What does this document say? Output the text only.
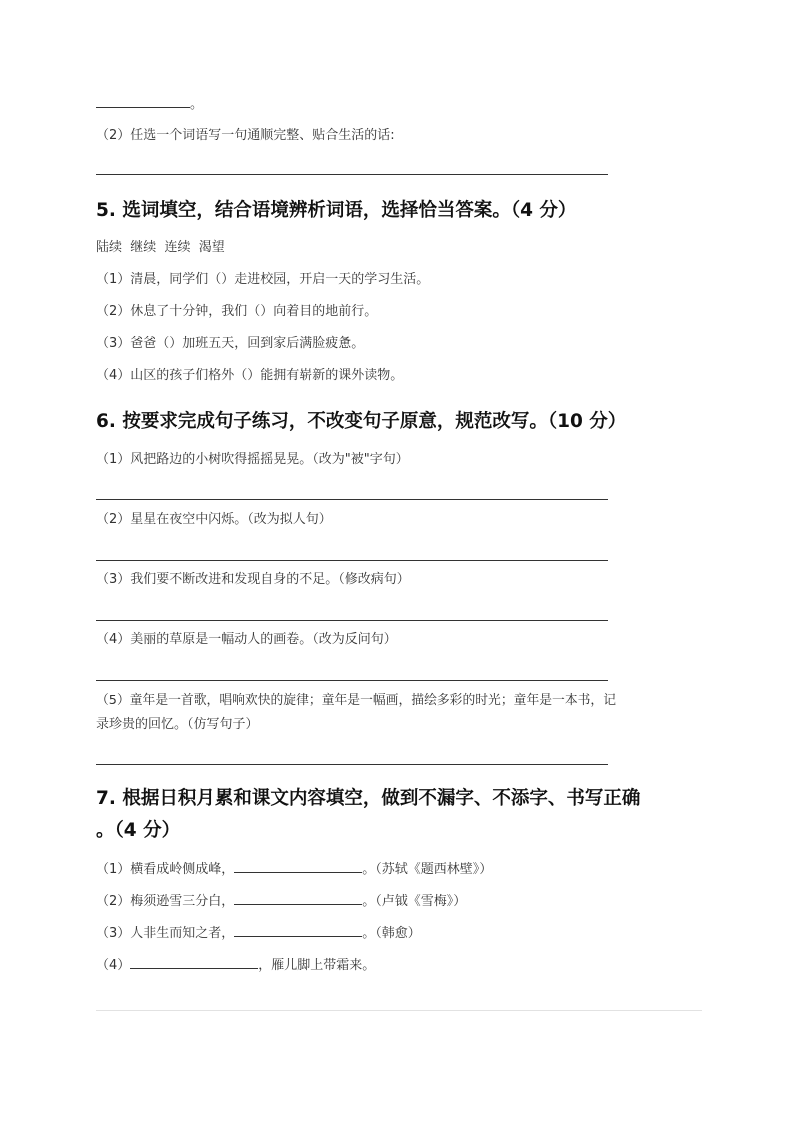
。
（2）任选一个词语写一句通顺完整、贴合生活的话:
5. 选词填空，结合语境辨析词语，选择恰当答案。（4 分）
陆续  继续  连续  渴望
（1）清晨，同学们（）走进校园，开启一天的学习生活。
（2）休息了十分钟，我们（）向着目的地前行。
（3）爸爸（）加班五天，回到家后满脸疲惫。
（4）山区的孩子们格外（）能拥有崭新的课外读物。
6. 按要求完成句子练习，不改变句子原意，规范改写。（10 分）
（1）风把路边的小树吹得摇摇晃晃。（改为"被"字句）
（2）星星在夜空中闪烁。（改为拟人句）
（3）我们要不断改进和发现自身的不足。（修改病句）
（4）美丽的草原是一幅动人的画卷。（改为反问句）
（5）童年是一首歌，唱响欢快的旋律；童年是一幅画，描绘多彩的时光；童年是一本书，记
录珍贵的回忆。（仿写句子）
7. 根据日积月累和课文内容填空，做到不漏字、不添字、书写正确
。（4 分）
（1）横看成岭侧成峰，	。（苏轼《题西林壁》）
（2）梅须逊雪三分白，	。（卢钺《雪梅》）
（3）人非生而知之者，	。（韩愈）
（4）	，雁儿脚上带霜来。
